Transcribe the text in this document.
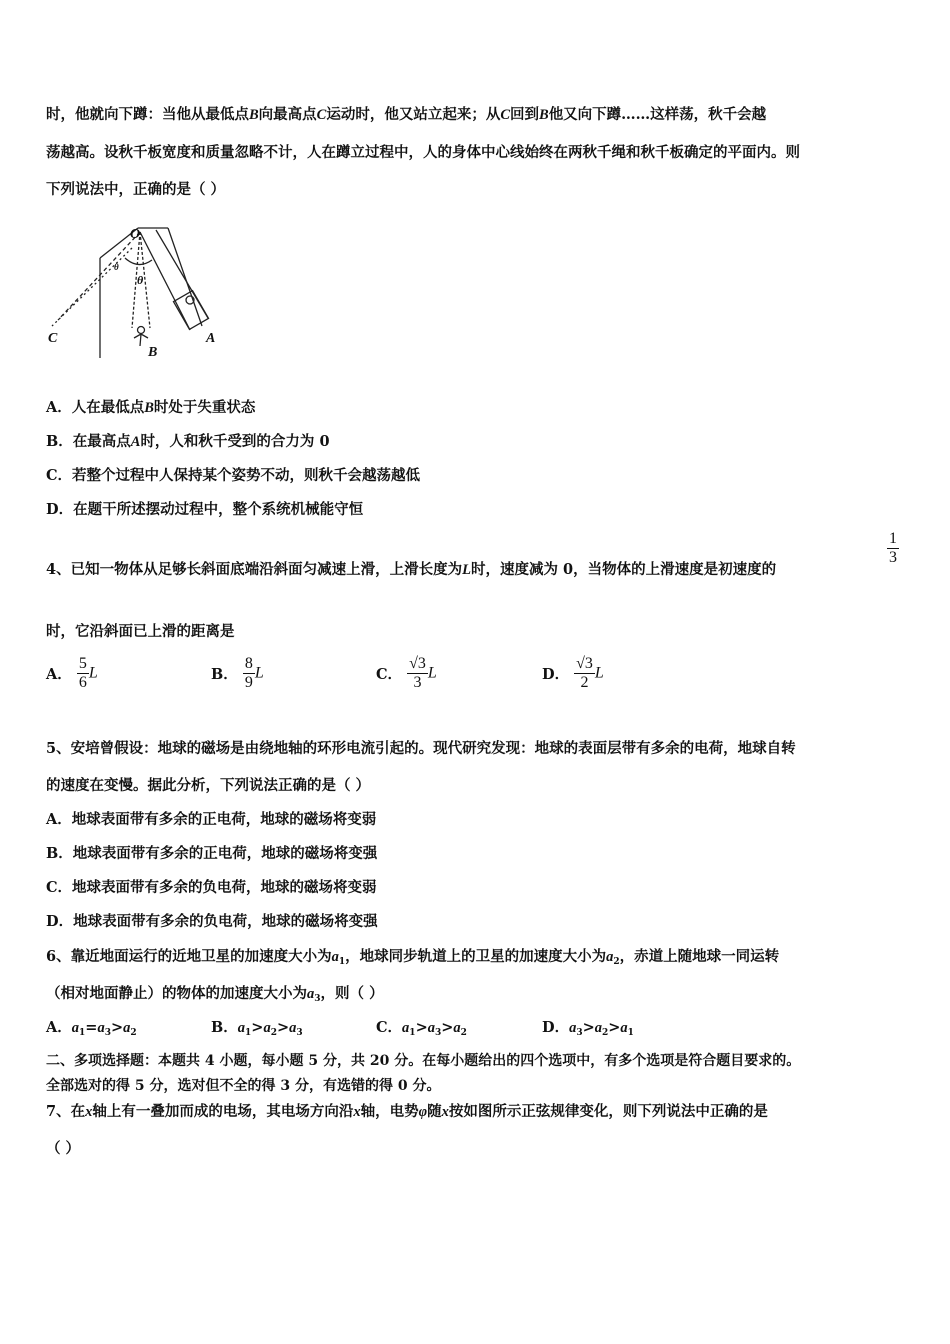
时，他就向下蹲：当他从最低点B向最高点C运动时，他又站立起来；从C回到B他又向下蹲……这样荡，秋千会越
荡越高。设秋千板宽度和质量忽略不计，人在蹲立过程中，人的身体中心线始终在两秋千绳和秋千板确定的平面内。则
下列说法中，正确的是（ ）
O
θ
θ
C
B
A
A．人在最低点B时处于失重状态
B．在最高点A时，人和秋千受到的合力为 0
C．若整个过程中人保持某个姿势不动，则秋千会越荡越低
D．在题干所述摆动过程中，整个系统机械能守恒
4、已知一物体从足够长斜面底端沿斜面匀减速上滑，上滑长度为L时，速度减为 0，当物体的上滑速度是初速度的
$\frac{1}{3}$
时，它沿斜面已上滑的距离是
A． $\frac{5}{6}$ L	B． $\frac{8}{9}$ L	C． $\frac{√3}{3}$ L	D． $\frac{√3}{2}$ L
5、安培曾假设：地球的磁场是由绕地轴的环形电流引起的。现代研究发现：地球的表面层带有多余的电荷，地球自转
的速度在变慢。据此分析，下列说法正确的是（ ）
A．地球表面带有多余的正电荷，地球的磁场将变弱
B．地球表面带有多余的正电荷，地球的磁场将变强
C．地球表面带有多余的负电荷，地球的磁场将变弱
D．地球表面带有多余的负电荷，地球的磁场将变强
6、靠近地面运行的近地卫星的加速度大小为$a_1$，地球同步轨道上的卫星的加速度大小为$a_2$，赤道上随地球一同运转
（相对地面静止）的物体的加速度大小为$a_3$，则（ ）
A．$a_1=a_3>a_2$	B．$a_1>a_2>a_3$	C．$a_1>a_3>a_2$	D．$a_3>a_2>a_1$
二、多项选择题：本题共 4 小题，每小题 5 分，共 20 分。在每小题给出的四个选项中，有多个选项是符合题目要求的。
全部选对的得 5 分，选对但不全的得 3 分，有选错的得 0 分。
7、在x轴上有一叠加而成的电场，其电场方向沿x轴，电势φ随x按如图所示正弦规律变化，则下列说法中正确的是
（ ）
